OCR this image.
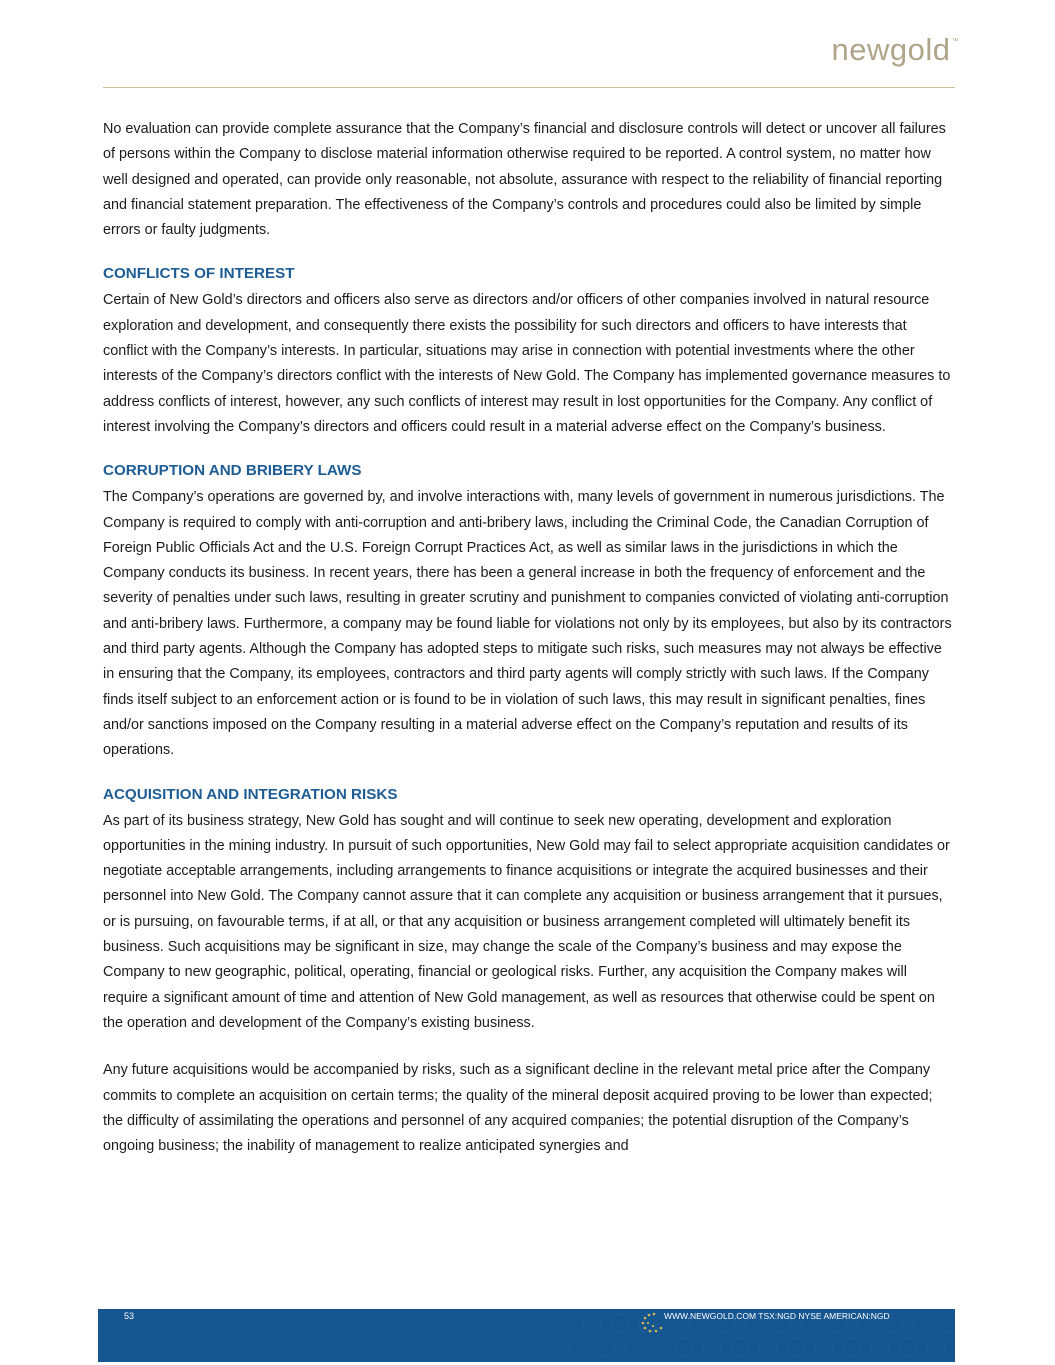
newgold™

No evaluation can provide complete assurance that the Company’s financial and disclosure controls will detect or uncover all failures of persons within the Company to disclose material information otherwise required to be reported. A control system, no matter how well designed and operated, can provide only reasonable, not absolute, assurance with respect to the reliability of financial reporting and financial statement preparation. The effectiveness of the Company’s controls and procedures could also be limited by simple errors or faulty judgments.

CONFLICTS OF INTEREST

Certain of New Gold’s directors and officers also serve as directors and/or officers of other companies involved in natural resource exploration and development, and consequently there exists the possibility for such directors and officers to have interests that conflict with the Company’s interests. In particular, situations may arise in connection with potential investments where the other interests of the Company’s directors conflict with the interests of New Gold. The Company has implemented governance measures to address conflicts of interest, however, any such conflicts of interest may result in lost opportunities for the Company. Any conflict of interest involving the Company’s directors and officers could result in a material adverse effect on the Company’s business.

CORRUPTION AND BRIBERY LAWS

The Company’s operations are governed by, and involve interactions with, many levels of government in numerous jurisdictions. The Company is required to comply with anti-corruption and anti-bribery laws, including the Criminal Code, the Canadian Corruption of Foreign Public Officials Act and the U.S. Foreign Corrupt Practices Act, as well as similar laws in the jurisdictions in which the Company conducts its business. In recent years, there has been a general increase in both the frequency of enforcement and the severity of penalties under such laws, resulting in greater scrutiny and punishment to companies convicted of violating anti-corruption and anti-bribery laws. Furthermore, a company may be found liable for violations not only by its employees, but also by its contractors and third party agents. Although the Company has adopted steps to mitigate such risks, such measures may not always be effective in ensuring that the Company, its employees, contractors and third party agents will comply strictly with such laws. If the Company finds itself subject to an enforcement action or is found to be in violation of such laws, this may result in significant penalties, fines and/or sanctions imposed on the Company resulting in a material adverse effect on the Company’s reputation and results of its operations.

ACQUISITION AND INTEGRATION RISKS

As part of its business strategy, New Gold has sought and will continue to seek new operating, development and exploration opportunities in the mining industry. In pursuit of such opportunities, New Gold may fail to select appropriate acquisition candidates or negotiate acceptable arrangements, including arrangements to finance acquisitions or integrate the acquired businesses and their personnel into New Gold. The Company cannot assure that it can complete any acquisition or business arrangement that it pursues, or is pursuing, on favourable terms, if at all, or that any acquisition or business arrangement completed will ultimately benefit its business. Such acquisitions may be significant in size, may change the scale of the Company’s business and may expose the Company to new geographic, political, operating, financial or geological risks. Further, any acquisition the Company makes will require a significant amount of time and attention of New Gold management, as well as resources that otherwise could be spent on the operation and development of the Company’s existing business.

Any future acquisitions would be accompanied by risks, such as a significant decline in the relevant metal price after the Company commits to complete an acquisition on certain terms; the quality of the mineral deposit acquired proving to be lower than expected; the difficulty of assimilating the operations and personnel of any acquired companies; the potential disruption of the Company’s ongoing business; the inability of management to realize anticipated synergies and

53	WWW.NEWGOLD.COM TSX:NGD NYSE AMERICAN:NGD
